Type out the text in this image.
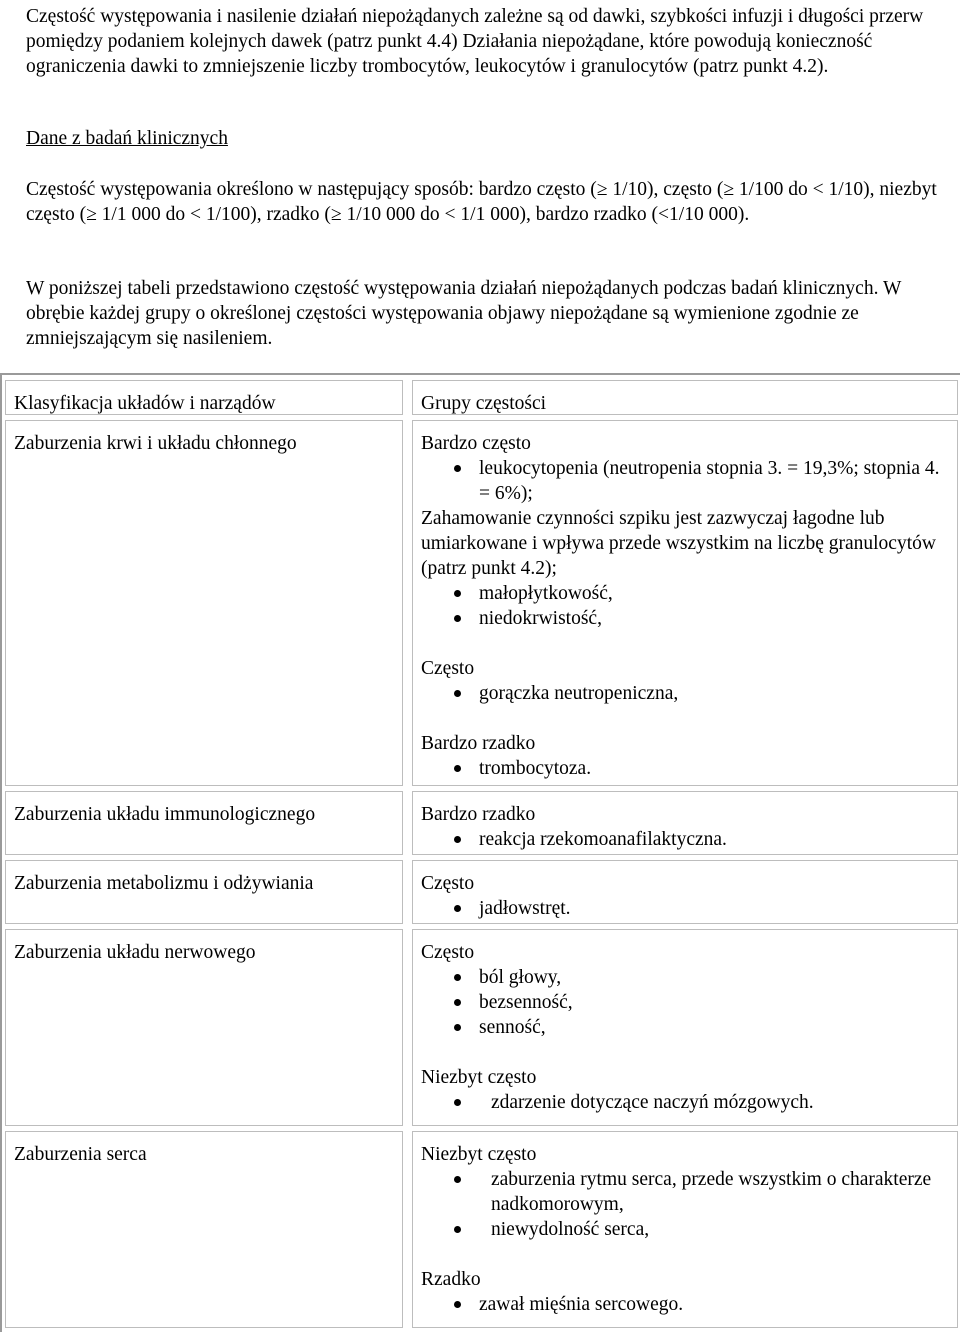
Częstość występowania i nasilenie działań niepożądanych zależne są od dawki, szybkości infuzji i długości przerw pomiędzy podaniem kolejnych dawek (patrz punkt 4.4) Działania niepożądane, które powodują konieczność ograniczenia dawki to zmniejszenie liczby trombocytów, leukocytów i granulocytów (patrz punkt 4.2).

Dane z badań klinicznych

Częstość występowania określono w następujący sposób: bardzo często (≥ 1/10), często (≥ 1/100 do < 1/10), niezbyt często (≥ 1/1 000 do < 1/100), rzadko (≥ 1/10 000 do < 1/1 000), bardzo rzadko (<1/10 000).

W poniższej tabeli przedstawiono częstość występowania działań niepożądanych podczas badań klinicznych. W obrębie każdej grupy o określonej częstości występowania objawy niepożądane są wymienione zgodnie ze zmniejszającym się nasileniem.

Klasyfikacja układów i narządów	Grupy częstości
Zaburzenia krwi i układu chłonnego	Bardzo często
leukocytopenia (neutropenia stopnia 3. = 19,3%; stopnia 4. = 6%);
Zahamowanie czynności szpiku jest zazwyczaj łagodne lub umiarkowane i wpływa przede wszystkim na liczbę granulocytów (patrz punkt 4.2);
małopłytkowość,
niedokrwistość,
Często
gorączka neutropeniczna,
Bardzo rzadko
trombocytoza.
Zaburzenia układu immunologicznego	Bardzo rzadko
reakcja rzekomoanafilaktyczna.
Zaburzenia metabolizmu i odżywiania	Często
jadłowstręt.
Zaburzenia układu nerwowego	Często
ból głowy,
bezsenność,
senność,
Niezbyt często
zdarzenie dotyczące naczyń mózgowych.
Zaburzenia serca	Niezbyt często
zaburzenia rytmu serca, przede wszystkim o charakterze nadkomorowym,
niewydolność serca,
Rzadko
zawał mięśnia sercowego.
